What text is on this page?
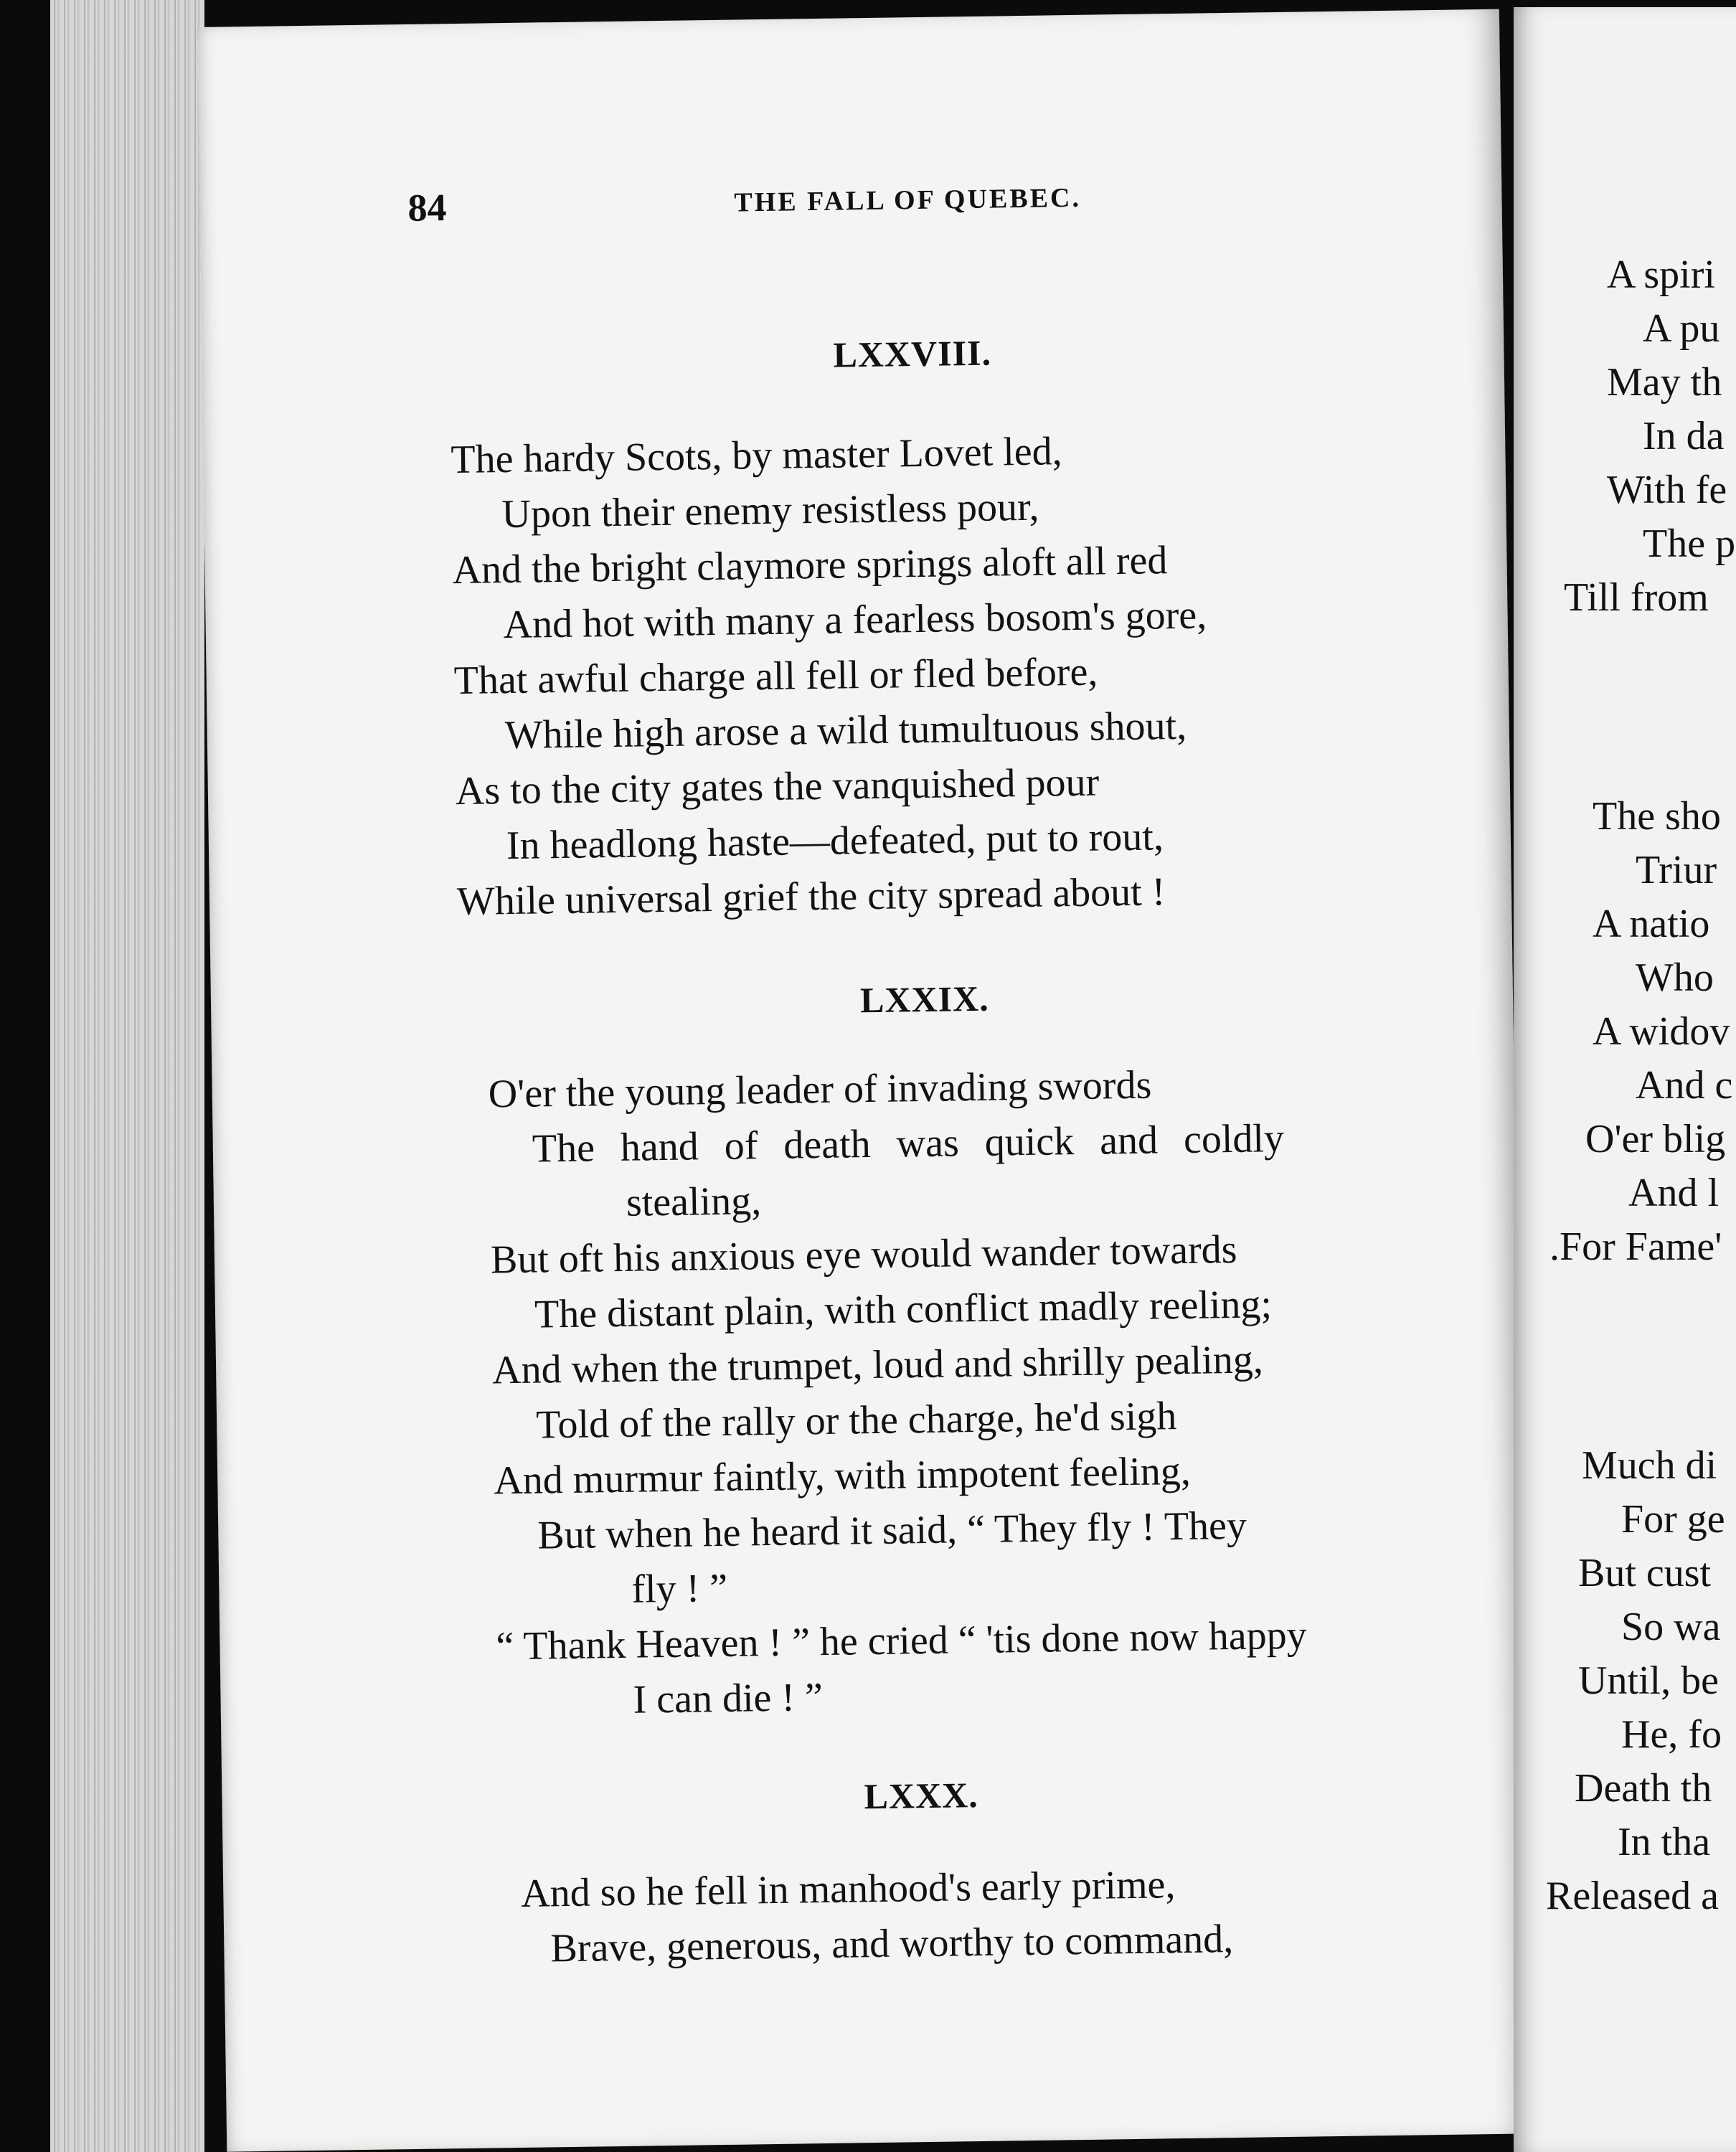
84	THE FALL OF QUEBEC.
LXXVIII.
The hardy Scots, by master Lovet led,
Upon their enemy resistless pour,
And the bright claymore springs aloft all red
And hot with many a fearless bosom's gore,
That awful charge all fell or fled before,
While high arose a wild tumultuous shout,
As to the city gates the vanquished pour
In headlong haste—defeated, put to rout,
While universal grief the city spread about !
LXXIX.
O'er the young leader of invading swords
The hand of death was quick and coldly
stealing,
But oft his anxious eye would wander towards
The distant plain, with conflict madly reeling;
And when the trumpet, loud and shrilly pealing,
Told of the rally or the charge, he'd sigh
And murmur faintly, with impotent feeling,
But when he heard it said, “ They fly ! They
fly ! ”
“ Thank Heaven ! ” he cried “ 'tis done now happy
I can die ! ”
LXXX.
And so he fell in manhood's early prime,
Brave, generous, and worthy to command,
A spiri
A pu
May th
In da
With fe
The p
Till from
The sho
Triur
A natio
Who
A widov
And c
O'er blig
And l
.For Fame'
Much di
For ge
But cust
So wa
Until, be
He, fo
Death th
In tha
Released a
